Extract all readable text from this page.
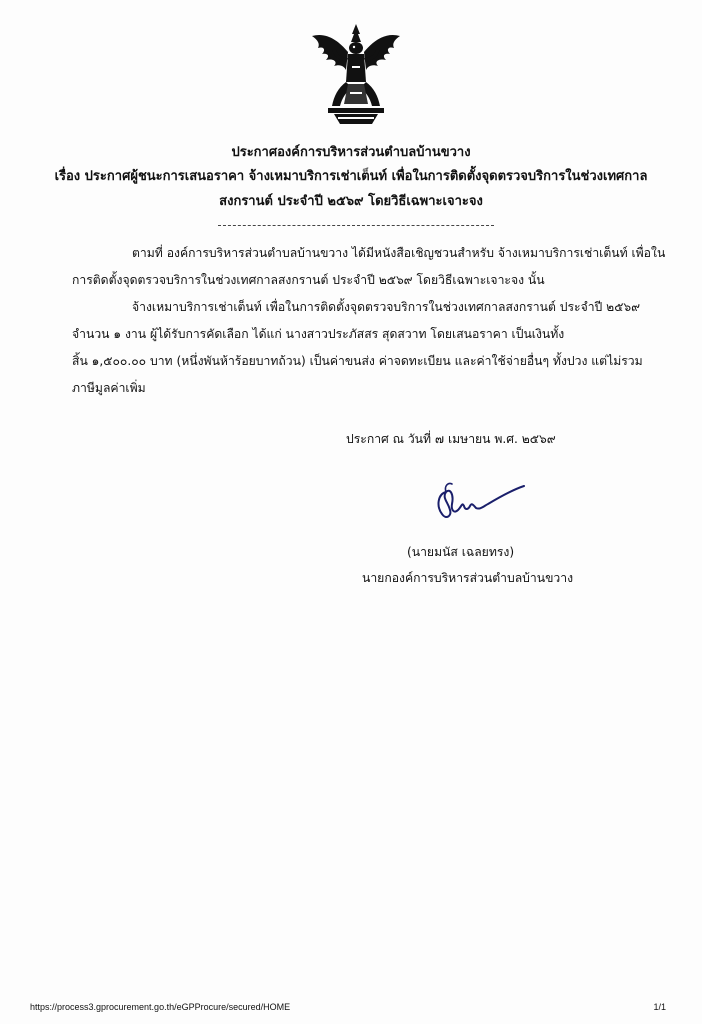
ประกาศองค์การบริหารส่วนตำบลบ้านขวาง
เรื่อง ประกาศผู้ชนะการเสนอราคา จ้างเหมาบริการเช่าเต็นท์ เพื่อในการติดตั้งจุดตรวจบริการในช่วงเทศกาล
สงกรานต์ ประจำปี ๒๕๖๙ โดยวิธีเฉพาะเจาะจง
ตามที่ องค์การบริหารส่วนตำบลบ้านขวาง ได้มีหนังสือเชิญชวนสำหรับ จ้างเหมาบริการเช่าเต็นท์ เพื่อใน
การติดตั้งจุดตรวจบริการในช่วงเทศกาลสงกรานต์ ประจำปี ๒๕๖๙ โดยวิธีเฉพาะเจาะจง นั้น
จ้างเหมาบริการเช่าเต็นท์ เพื่อในการติดตั้งจุดตรวจบริการในช่วงเทศกาลสงกรานต์ ประจำปี ๒๕๖๙
จำนวน ๑ งาน ผู้ได้รับการคัดเลือก ได้แก่ นางสาวประภัสสร สุดสวาท โดยเสนอราคา เป็นเงินทั้ง
สิ้น ๑,๕๐๐.๐๐ บาท (หนึ่งพันห้าร้อยบาทถ้วน) เป็นค่าขนส่ง ค่าจดทะเบียน และค่าใช้จ่ายอื่นๆ ทั้งปวง แต่ไม่รวม
ภาษีมูลค่าเพิ่ม
ประกาศ ณ วันที่ ๗ เมษายน พ.ศ. ๒๕๖๙
(นายมนัส เฉลยทรง)
นายกองค์การบริหารส่วนตำบลบ้านขวาง
https://process3.gprocurement.go.th/eGPProcure/secured/HOME	1/1
